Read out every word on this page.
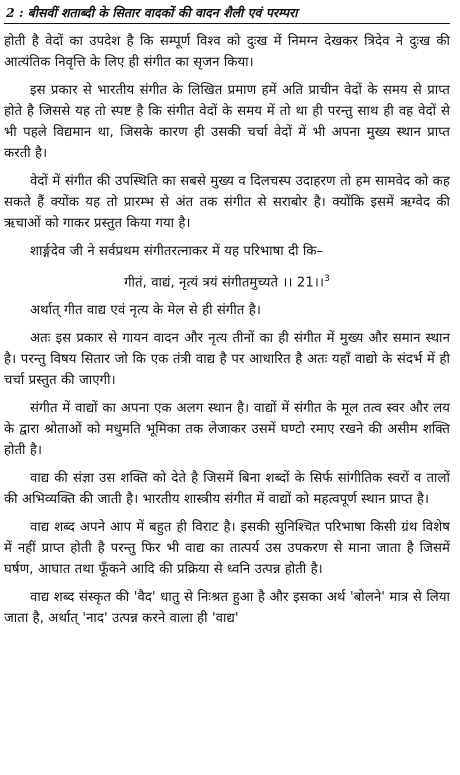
2 : बीसवीं शताब्दी के सितार वादकों की वादन शैली एवं परम्परा

होती है वेदों का उपदेश है कि सम्पूर्ण विश्व को दुःख में निमग्न देखकर त्रिदेव ने दुःख की आत्यंतिक निवृत्ति के लिए ही संगीत का सृजन किया।

इस प्रकार से भारतीय संगीत के लिखित प्रमाण हमें अति प्राचीन वेदों के समय से प्राप्त होते है जिससे यह तो स्पष्ट है कि संगीत वेदों के समय में तो था ही परन्तु साथ ही वह वेदों से भी पहले विद्यमान था, जिसके कारण ही उसकी चर्चा वेदों में भी अपना मुख्य स्थान प्राप्त करती है।

वेदों में संगीत की उपस्थिति का सबसे मुख्य व दिलचस्प उदाहरण तो हम सामवेद को कह सकते हैं क्योंक यह तो प्रारम्भ से अंत तक संगीत से सराबोर है। क्योंकि इसमें ऋग्वेद की ऋचाओं को गाकर प्रस्तुत किया गया है।

शार्ङ्गदेव जी ने सर्वप्रथम संगीतरत्नाकर में यह परिभाषा दी कि–

गीतं, वाद्यं, नृत्यं त्रयं संगीतमुच्यते ।। 21।।$^3$

अर्थात् गीत वाद्य एवं नृत्य के मेल से ही संगीत है।

अतः इस प्रकार से गायन वादन और नृत्य तीनों का ही संगीत में मुख्य और समान स्थान है। परन्तु विषय सितार जो कि एक तंत्री वाद्य है पर आधारित है अतः यहाँ वाद्यो के संदर्भ में ही चर्चा प्रस्तुत की जाएगी।

संगीत में वाद्यों का अपना एक अलग स्थान है। वाद्यों में संगीत के मूल तत्व स्वर और लय के द्वारा श्रोताओं को मधुमति भूमिका तक लेजाकर उसमें घण्टो रमाए रखने की असीम शक्ति होती है।

वाद्य की संज्ञा उस शक्ति को देते है जिसमें बिना शब्दों के सिर्फ सांगीतिक स्वरों व तालों की अभिव्यक्ति की जाती है। भारतीय शास्त्रीय संगीत में वाद्यों को महत्वपूर्ण स्थान प्राप्त है।

वाद्य शब्द अपने आप में बहुत ही विराट है। इसकी सुनिश्चित परिभाषा किसी ग्रंथ विशेष में नहीं प्राप्त होती है परन्तु फिर भी वाद्य का तात्पर्य उस उपकरण से माना जाता है जिसमें घर्षण, आघात तथा फूँकने आदि की प्रक्रिया से ध्वनि उत्पन्न होती है।

वाद्य शब्द संस्कृत की 'वैद' धातु से निःश्रत हुआ है और इसका अर्थ 'बोलने' मात्र से लिया जाता है, अर्थात् 'नाद' उत्पन्न करने वाला ही 'वाद्य'
